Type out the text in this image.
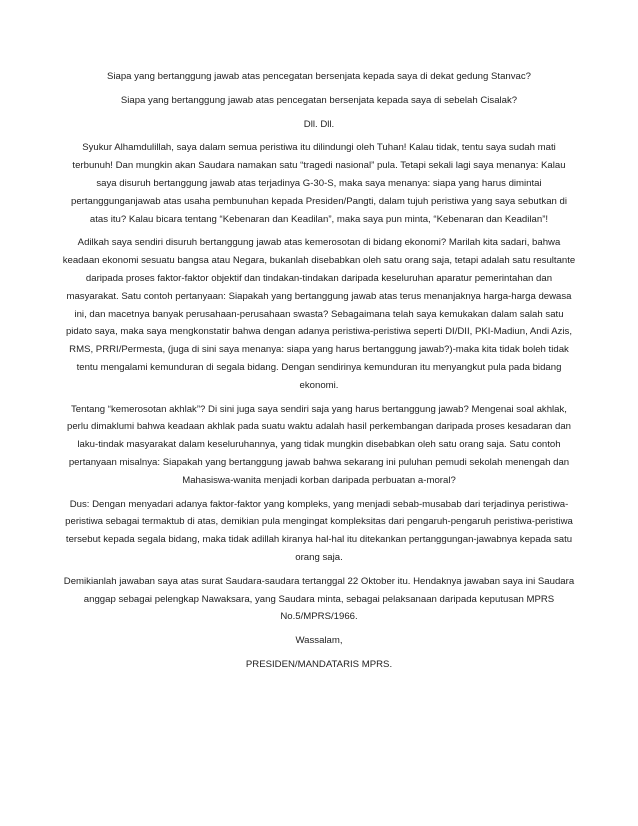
Siapa yang bertanggung jawab atas pencegatan bersenjata kepada saya di dekat gedung Stanvac?

Siapa yang bertanggung jawab atas pencegatan bersenjata kepada saya di sebelah Cisalak?

Dll. Dll.

Syukur Alhamdulillah, saya dalam semua peristiwa itu dilindungi oleh Tuhan! Kalau tidak, tentu saya sudah mati terbunuh! Dan mungkin akan Saudara namakan satu “tragedi nasional” pula. Tetapi sekali lagi saya menanya: Kalau saya disuruh bertanggung jawab atas terjadinya G-30-S, maka saya menanya: siapa yang harus dimintai pertanggunganjawab atas usaha pembunuhan kepada Presiden/Pangti, dalam tujuh peristiwa yang saya sebutkan di atas itu? Kalau bicara tentang “Kebenaran dan Keadilan”, maka saya pun minta, “Kebenaran dan Keadilan”!

Adilkah saya sendiri disuruh bertanggung jawab atas kemerosotan di bidang ekonomi? Marilah kita sadari, bahwa keadaan ekonomi sesuatu bangsa atau Negara, bukanlah disebabkan oleh satu orang saja, tetapi adalah satu resultante daripada proses faktor-faktor objektif dan tindakan-tindakan daripada keseluruhan aparatur pemerintahan dan masyarakat. Satu contoh pertanyaan: Siapakah yang bertanggung jawab atas terus menanjaknya harga-harga dewasa ini, dan macetnya banyak perusahaan-perusahaan swasta? Sebagaimana telah saya kemukakan dalam salah satu pidato saya, maka saya mengkonstatir bahwa dengan adanya peristiwa-peristiwa seperti DI/DII, PKI-Madiun, Andi Azis, RMS, PRRI/Permesta, (juga di sini saya menanya: siapa yang harus bertanggung jawab?)-maka kita tidak boleh tidak tentu mengalami kemunduran di segala bidang. Dengan sendirinya kemunduran itu menyangkut pula pada bidang ekonomi.

Tentang “kemerosotan akhlak”? Di sini juga saya sendiri saja yang harus bertanggung jawab? Mengenai soal akhlak, perlu dimaklumi bahwa keadaan akhlak pada suatu waktu adalah hasil perkembangan daripada proses kesadaran dan laku-tindak masyarakat dalam keseluruhannya, yang tidak mungkin disebabkan oleh satu orang saja. Satu contoh pertanyaan misalnya: Siapakah yang bertanggung jawab bahwa sekarang ini puluhan pemudi sekolah menengah dan Mahasiswa-wanita menjadi korban daripada perbuatan a-moral?

Dus: Dengan menyadari adanya faktor-faktor yang kompleks, yang menjadi sebab-musabab dari terjadinya peristiwa-peristiwa sebagai termaktub di atas, demikian pula mengingat kompleksitas dari pengaruh-pengaruh peristiwa-peristiwa tersebut kepada segala bidang, maka tidak adillah kiranya hal-hal itu ditekankan pertanggungan-jawabnya kepada satu orang saja.

Demikianlah jawaban saya atas surat Saudara-saudara tertanggal 22 Oktober itu. Hendaknya jawaban saya ini Saudara anggap sebagai pelengkap Nawaksara, yang Saudara minta, sebagai pelaksanaan daripada keputusan MPRS No.5/MPRS/1966.

Wassalam,

PRESIDEN/MANDATARIS MPRS.
